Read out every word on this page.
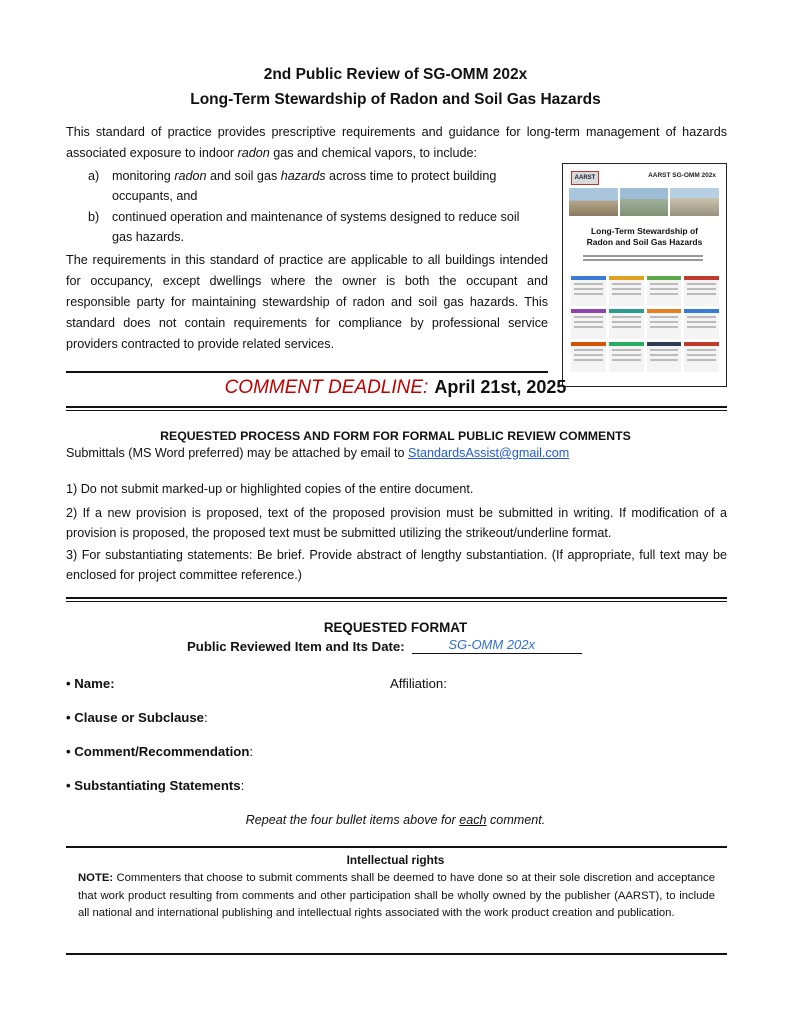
2nd Public Review of SG-OMM 202x
Long-Term Stewardship of Radon and Soil Gas Hazards
This standard of practice provides prescriptive requirements and guidance for long-term management of hazards associated exposure to indoor radon gas and chemical vapors, to include:
a)	monitoring radon and soil gas hazards across time to protect building occupants, and
b)	continued operation and maintenance of systems designed to reduce soil gas hazards.
The requirements in this standard of practice are applicable to all buildings intended for occupancy, except dwellings where the owner is both the occupant and responsible party for maintaining stewardship of radon and soil gas hazards. This standard does not contain requirements for compliance by professional service providers contracted to provide related services.
AARST	AARST SG-OMM 202x
Long-Term Stewardship of
Radon and Soil Gas Hazards
COMMENT DEADLINE: April 21st, 2025
REQUESTED PROCESS AND FORM FOR FORMAL PUBLIC REVIEW COMMENTS
Submittals (MS Word preferred) may be attached by email to StandardsAssist@gmail.com
1) Do not submit marked-up or highlighted copies of the entire document.
2) If a new provision is proposed, text of the proposed provision must be submitted in writing. If modification of a provision is proposed, the proposed text must be submitted utilizing the strikeout/underline format.
3) For substantiating statements: Be brief. Provide abstract of lengthy substantiation. (If appropriate, full text may be enclosed for project committee reference.)
REQUESTED FORMAT
Public Reviewed Item and Its Date:	SG-OMM 202x
• Name:	Affiliation:
• Clause or Subclause:
• Comment/Recommendation:
• Substantiating Statements:
Repeat the four bullet items above for each comment.
Intellectual rights
NOTE: Commenters that choose to submit comments shall be deemed to have done so at their sole discretion and acceptance that work product resulting from comments and other participation shall be wholly owned by the publisher (AARST), to include all national and international publishing and intellectual rights associated with the work product creation and publication.
